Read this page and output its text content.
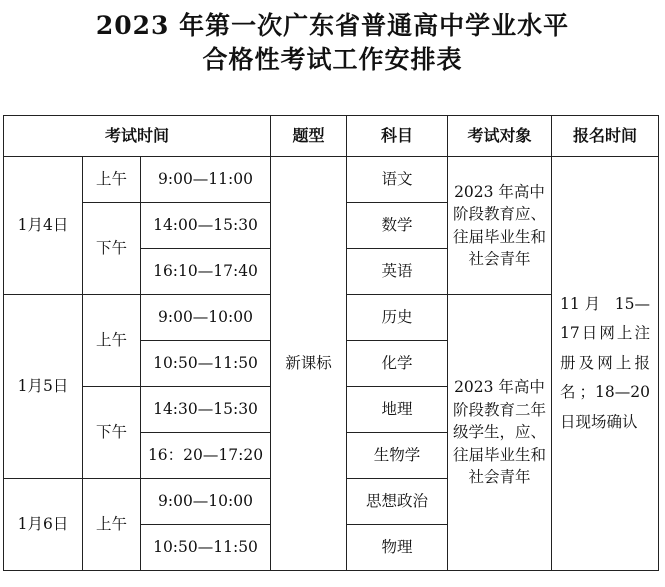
2023 年第一次广东省普通高中学业水平
合格性考试工作安排表
考试时间			题型	科目	考试对象	报名时间
1月4日	上午	9:00—11:00	新课标	语文	2023 年高中阶段教育应、往届毕业生和社会青年	11月 15—17日网上注册及网上报名；18—20日现场确认
	下午	14:00—15:30		数学		
		16:10—17:40		英语		
1月5日	上午	9:00—10:00		历史	2023 年高中阶段教育二年级学生，应、往届毕业生和社会青年	
		10:50—11:50		化学		
	下午	14:30—15:30		地理		
		16：20—17:20		生物学		
1月6日	上午	9:00—10:00		思想政治		
		10:50—11:50		物理		
